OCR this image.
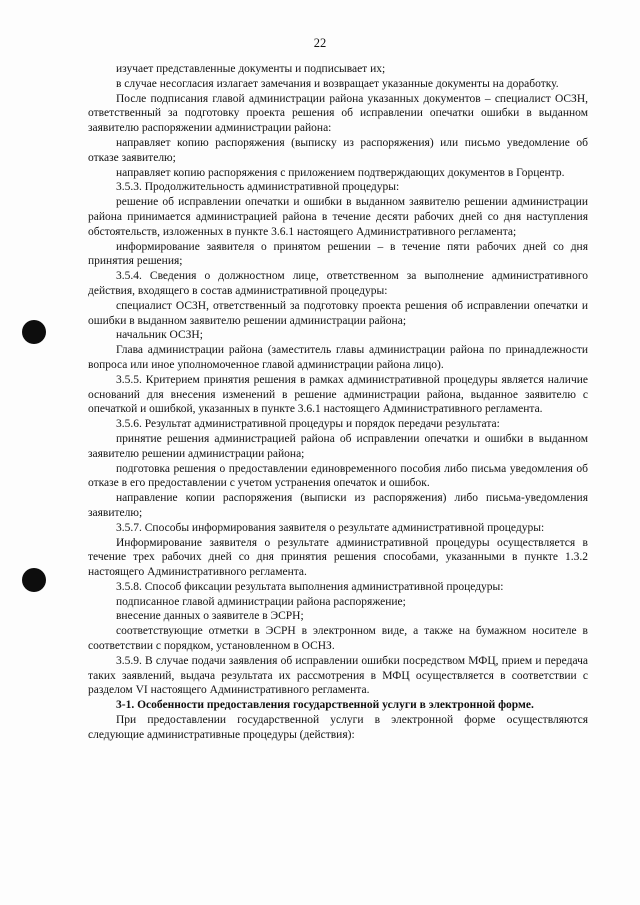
22

изучает представленные документы и подписывает их;

в случае несогласия излагает замечания и возвращает указанные документы на доработку.

После подписания главой администрации района указанных документов – специалист ОСЗН, ответственный за подготовку проекта решения об исправлении опечатки ошибки в выданном заявителю распоряжении администрации района:

направляет копию распоряжения (выписку из распоряжения) или письмо уведомление об отказе заявителю;

направляет копию распоряжения с приложением подтверждающих документов в Горцентр.

3.5.3. Продолжительность административной процедуры:

решение об исправлении опечатки и ошибки в выданном заявителю решении администрации района принимается администрацией района в течение десяти рабочих дней со дня наступления обстоятельств, изложенных в пункте 3.6.1 настоящего Административного регламента;

информирование заявителя о принятом решении – в течение пяти рабочих дней со дня принятия решения;

3.5.4. Сведения о должностном лице, ответственном за выполнение административного действия, входящего в состав административной процедуры:

специалист ОСЗН, ответственный за подготовку проекта решения об исправлении опечатки и ошибки в выданном заявителю решении администрации района;

начальник ОСЗН;

Глава администрации района (заместитель главы администрации района по принадлежности вопроса или иное уполномоченное главой администрации района лицо).

3.5.5. Критерием принятия решения в рамках административной процедуры является наличие оснований для внесения изменений в решение администрации района, выданное заявителю с опечаткой и ошибкой, указанных в пункте 3.6.1 настоящего Административного регламента.

3.5.6. Результат административной процедуры и порядок передачи результата:

принятие решения администрацией района об исправлении опечатки и ошибки в выданном заявителю решении администрации района;

подготовка решения о предоставлении единовременного пособия либо письма уведомления об отказе в его предоставлении с учетом устранения опечаток и ошибок.

направление копии распоряжения (выписки из распоряжения) либо письма-уведомления заявителю;

3.5.7. Способы информирования заявителя о результате административной процедуры:

Информирование заявителя о результате административной процедуры осуществляется в течение трех рабочих дней со дня принятия решения способами, указанными в пункте 1.3.2 настоящего Административного регламента.

3.5.8. Способ фиксации результата выполнения административной процедуры:

подписанное главой администрации района распоряжение;

внесение данных о заявителе в ЭСРН;

соответствующие отметки в ЭСРН в электронном виде, а также на бумажном носителе в соответствии с порядком, установленном в ОСНЗ.

3.5.9. В случае подачи заявления об исправлении ошибки посредством МФЦ, прием и передача таких заявлений, выдача результата их рассмотрения в МФЦ осуществляется в соответствии с разделом VI настоящего Административного регламента.

3-1. Особенности предоставления государственной услуги в электронной форме.

При предоставлении государственной услуги в электронной форме осуществляются следующие административные процедуры (действия):
